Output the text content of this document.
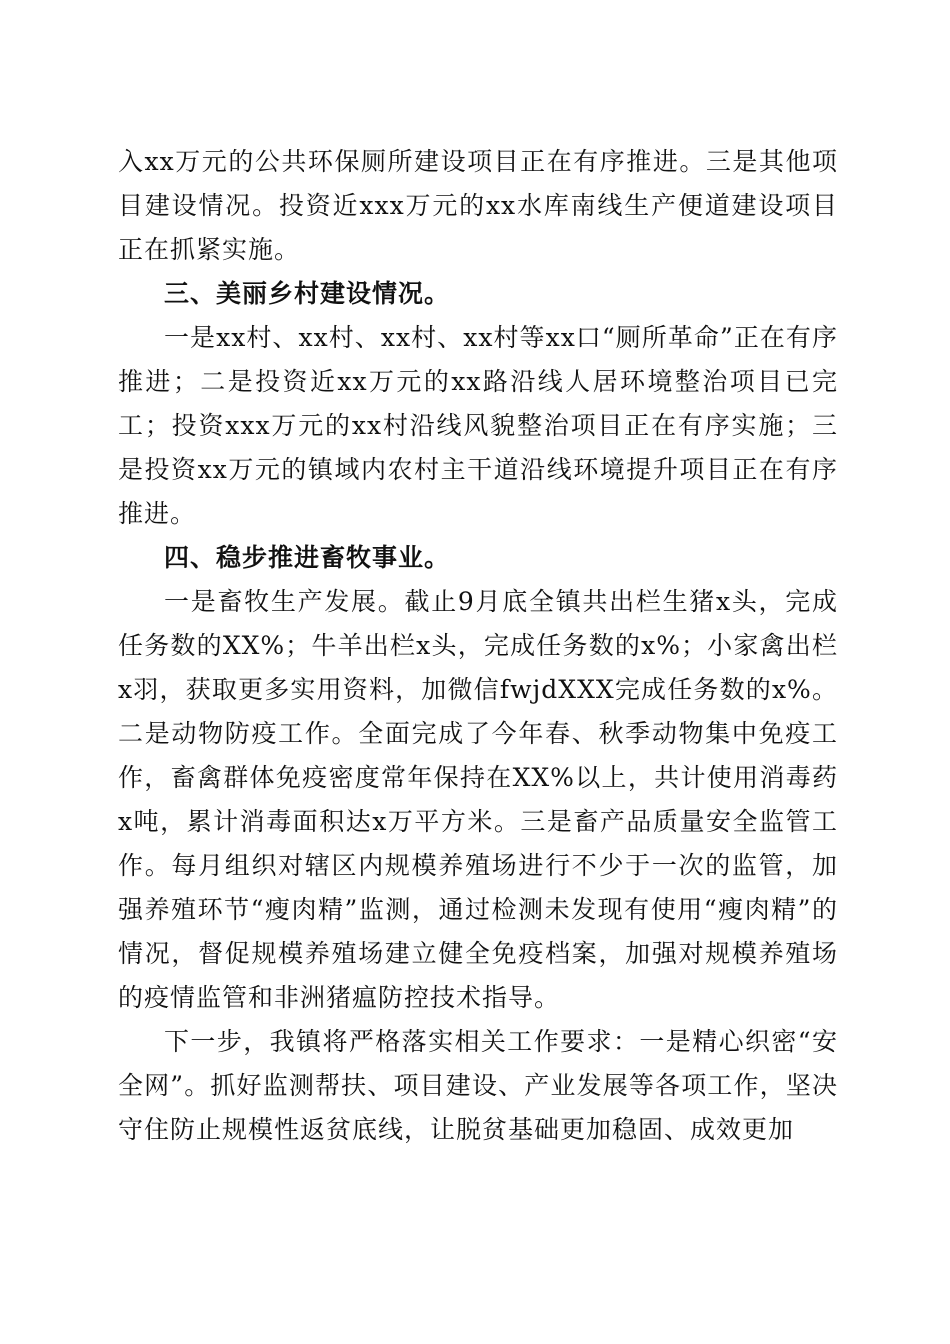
入xx万元的公共环保厕所建设项目正在有序推进。三是其他项目建设情况。投资近xxx万元的xx水库南线生产便道建设项目正在抓紧实施。

三、美丽乡村建设情况。

一是xx村、xx村、xx村、xx村等xx口“厕所革命”正在有序推进；二是投资近xx万元的xx路沿线人居环境整治项目已完工；投资xxx万元的xx村沿线风貌整治项目正在有序实施；三是投资xx万元的镇域内农村主干道沿线环境提升项目正在有序推进。

四、稳步推进畜牧事业。

一是畜牧生产发展。截止9月底全镇共出栏生猪x头，完成任务数的XX%；牛羊出栏x头，完成任务数的x%；小家禽出栏x羽，获取更多实用资料，加微信fwjdXXX完成任务数的x%。二是动物防疫工作。全面完成了今年春、秋季动物集中免疫工作，畜禽群体免疫密度常年保持在XX%以上，共计使用消毒药x吨，累计消毒面积达x万平方米。三是畜产品质量安全监管工作。每月组织对辖区内规模养殖场进行不少于一次的监管，加强养殖环节“瘦肉精”监测，通过检测未发现有使用“瘦肉精”的情况，督促规模养殖场建立健全免疫档案，加强对规模养殖场的疫情监管和非洲猪瘟防控技术指导。

下一步，我镇将严格落实相关工作要求：一是精心织密“安全网”。抓好监测帮扶、项目建设、产业发展等各项工作，坚决守住防止规模性返贫底线，让脱贫基础更加稳固、成效更加
